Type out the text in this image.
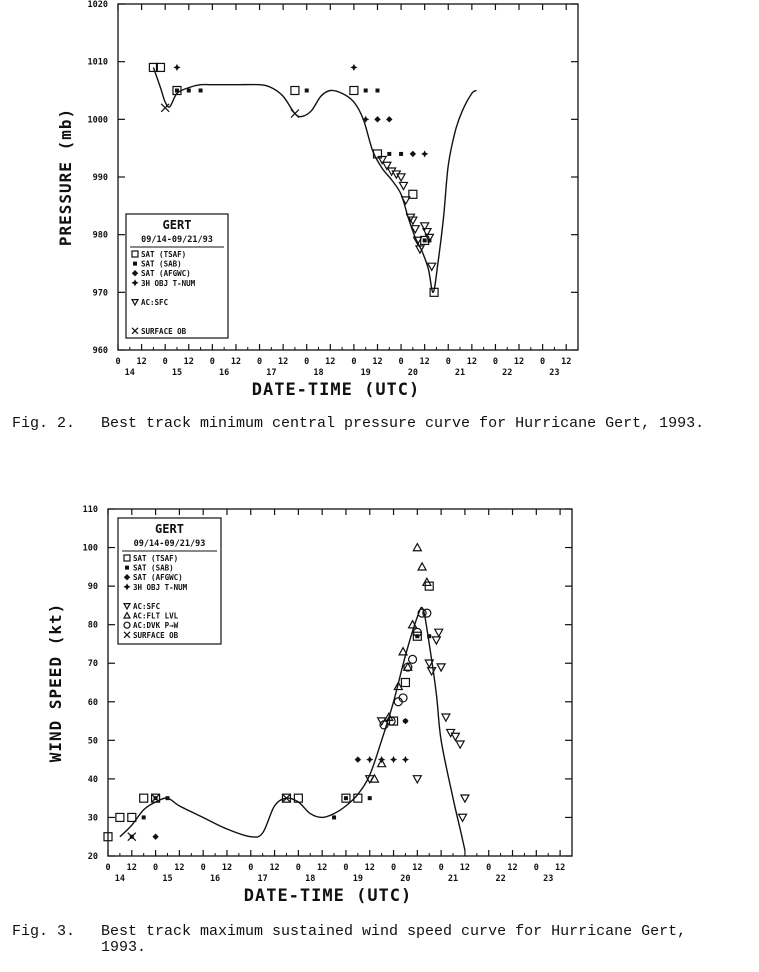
960
970
980
990
1000
1010
1020
0 12 0 12 0 12 0 12 0 12 0 12 0 12 0 12 0 12 0 12
14	15	16	17	18	19	20	21	22	23
DATE-TIME (UTC)
PRESSURE (mb)	GERT
09/14-09/21/93
SAT (TSAF)
SAT (SAB)
SAT (AFGWC)
3H OBJ T-NUM
AC:SFC
SURFACE OB

Fig. 2.

Best track minimum central pressure curve for Hurricane Gert, 1993.

20
30
40
50
60
70
80
90
100
110
0 12 0 12 0 12 0 12 0 12 0 12 0 12 0 12 0 12 0 12
14	15	16	17	18	19	20	21	22	23
DATE-TIME (UTC)
WIND SPEED (kt)
GERT
09/14-09/21/93
SAT (TSAF)
SAT (SAB)
SAT (AFGWC)
3H OBJ T-NUM
AC:SFC
AC:FLT LVL
AC:DVK P→W
SURFACE OB

Fig. 3.

Best track maximum sustained wind speed curve for Hurricane Gert, 1993.
